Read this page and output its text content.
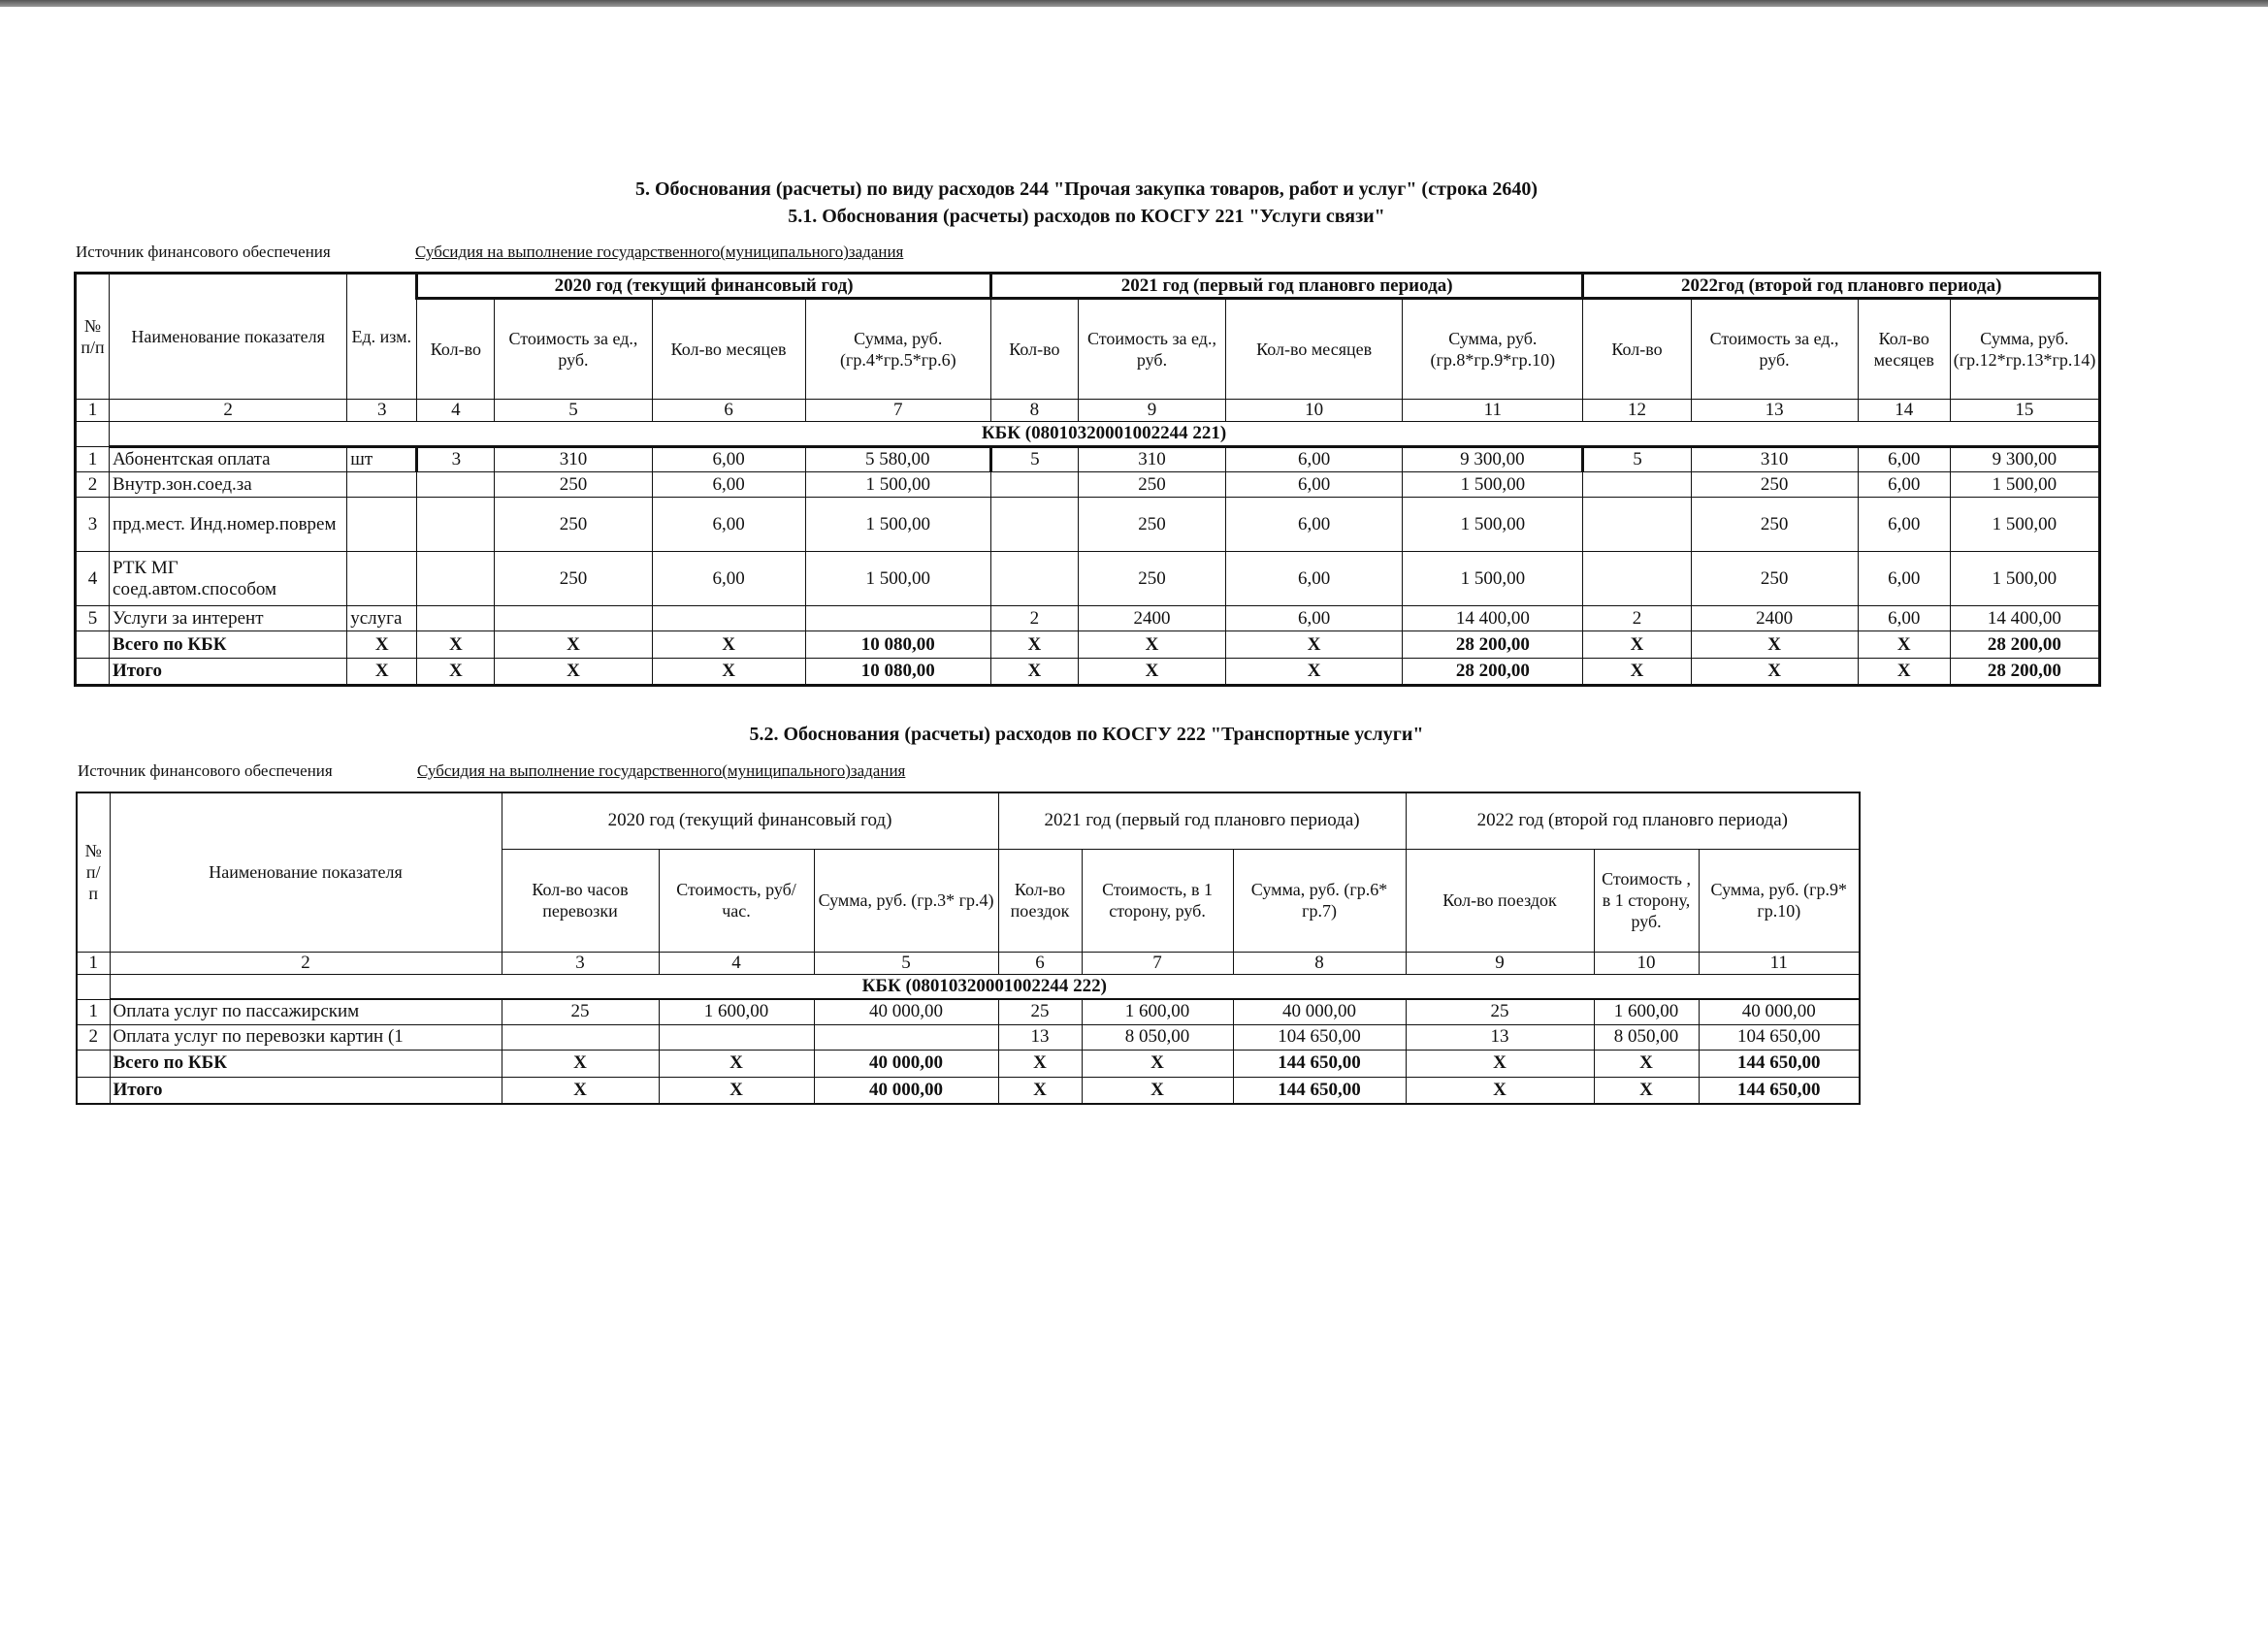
5. Обоснования (расчеты) по виду расходов 244 "Прочая закупка товаров, работ и услуг" (строка 2640)
5.1. Обоснования (расчеты) расходов по КОСГУ 221 "Услуги связи"
Источник финансового обеспечения	Субсидия на выполнение государственного(муниципального)задания
№ п/п	Наименование показателя	Ед. изм.	2020 год (текущий финансовый год)				2021 год (первый год плановго периода)				2022год (второй год плановго периода)			
			Кол-во	Стоимость за ед., руб.	Кол-во месяцев	Сумма, руб. (гр.4*гр.5*гр.6)	Кол-во	Стоимость за ед., руб.	Кол-во месяцев	Сумма, руб. (гр.8*гр.9*гр.10)	Кол-во	Стоимость за ед., руб.	Кол-во месяцев	Сумма, руб. (гр.12*гр.13*гр.14)
1	2	3	4	5	6	7	8	9	10	11	12	13	14	15
	КБК (08010320001002244 221)													
1	Абонентская оплата	шт	3	310	6,00	5 580,00	5	310	6,00	9 300,00	5	310	6,00	9 300,00
2	Внутр.зон.соед.за			250	6,00	1 500,00		250	6,00	1 500,00		250	6,00	1 500,00
3	прд.мест. Инд.номер.поврем			250	6,00	1 500,00		250	6,00	1 500,00		250	6,00	1 500,00
4	РТК МГ соед.автом.способом			250	6,00	1 500,00		250	6,00	1 500,00		250	6,00	1 500,00
5	Услуги за интерент	услуга					2	2400	6,00	14 400,00	2	2400	6,00	14 400,00
	Всего по КБК	X	X	X	X	10 080,00	X	X	X	28 200,00	X	X	X	28 200,00
	Итого	X	X	X	X	10 080,00	X	X	X	28 200,00	X	X	X	28 200,00
5.2. Обоснования (расчеты) расходов по КОСГУ 222 "Транспортные услуги"
Источник финансового обеспечения	Субсидия на выполнение государственного(муниципального)задания
№ п/ п	Наименование показателя	2020 год (текущий финансовый год)			2021 год (первый год плановго периода)			2022 год (второй год плановго периода)		
		Кол-во часов перевозки	Стоимость, руб/час.	Сумма, руб. (гр.3* гр.4)	Кол-во поездок	Стоимость, в 1 сторону, руб.	Сумма, руб. (гр.6* гр.7)	Кол-во поездок	Стоимость , в 1 сторону, руб.	Сумма, руб. (гр.9* гр.10)
1	2	3	4	5	6	7	8	9	10	11
	КБК (08010320001002244 222)									
1	Оплата услуг по пассажирским	25	1 600,00	40 000,00	25	1 600,00	40 000,00	25	1 600,00	40 000,00
2	Оплата услуг по перевозки картин (1				13	8 050,00	104 650,00	13	8 050,00	104 650,00
	Всего по КБК	X	X	40 000,00	X	X	144 650,00	X	X	144 650,00
	Итого	X	X	40 000,00	X	X	144 650,00	X	X	144 650,00
